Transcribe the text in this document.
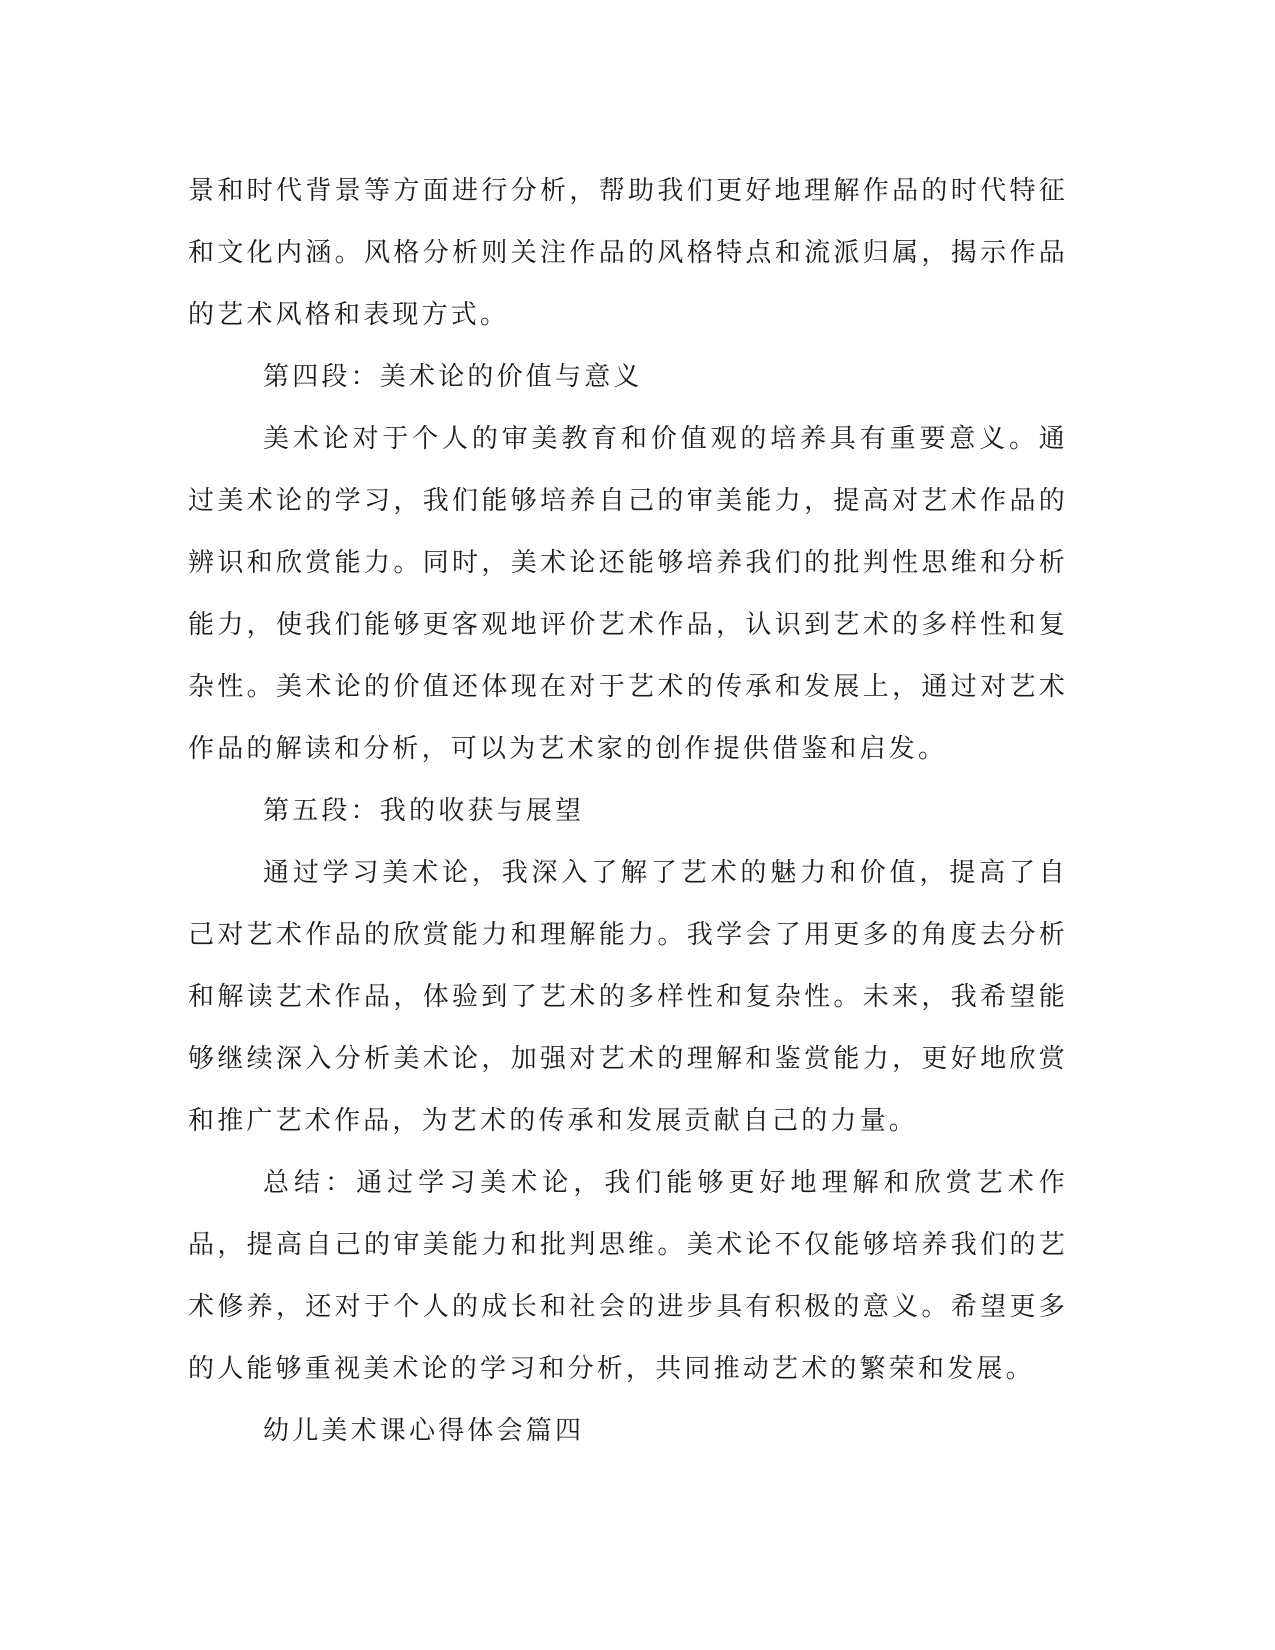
景和时代背景等方面进行分析，帮助我们更好地理解作品的时代特征和文化内涵。风格分析则关注作品的风格特点和流派归属，揭示作品的艺术风格和表现方式。

第四段：美术论的价值与意义

美术论对于个人的审美教育和价值观的培养具有重要意义。通过美术论的学习，我们能够培养自己的审美能力，提高对艺术作品的辨识和欣赏能力。同时，美术论还能够培养我们的批判性思维和分析能力，使我们能够更客观地评价艺术作品，认识到艺术的多样性和复杂性。美术论的价值还体现在对于艺术的传承和发展上，通过对艺术作品的解读和分析，可以为艺术家的创作提供借鉴和启发。

第五段：我的收获与展望

通过学习美术论，我深入了解了艺术的魅力和价值，提高了自己对艺术作品的欣赏能力和理解能力。我学会了用更多的角度去分析和解读艺术作品，体验到了艺术的多样性和复杂性。未来，我希望能够继续深入分析美术论，加强对艺术的理解和鉴赏能力，更好地欣赏和推广艺术作品，为艺术的传承和发展贡献自己的力量。

总结：通过学习美术论，我们能够更好地理解和欣赏艺术作品，提高自己的审美能力和批判思维。美术论不仅能够培养我们的艺术修养，还对于个人的成长和社会的进步具有积极的意义。希望更多的人能够重视美术论的学习和分析，共同推动艺术的繁荣和发展。

幼儿美术课心得体会篇四
